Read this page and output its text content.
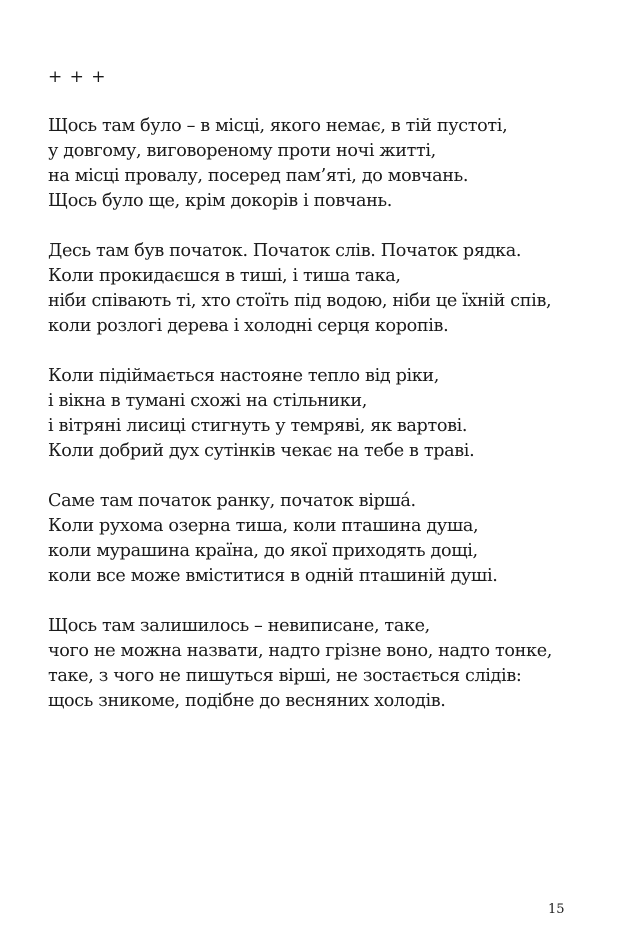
+ + +
Щось там було – в місці, якого немає, в тій пустоті,
у довгому, виговореному проти ночі житті,
на місці провалу, посеред пам’яті, до мовчань.
Щось було ще, крім докорів і повчань.
Десь там був початок. Початок слів. Початок рядка.
Коли прокидаєшся в тиші, і тиша така,
ніби співають ті, хто стоїть під водою, ніби це їхній спів,
коли розлогі дерева і холодні серця коропів.
Коли підіймається настояне тепло від ріки,
і вікна в тумані схожі на стільники,
і вітряні лисиці стигнуть у темряві, як вартові.
Коли добрий дух сутінків чекає на тебе в траві.
Саме там початок ранку, початок віршá.
Коли рухома озерна тиша, коли пташина душа,
коли мурашина країна, до якої приходять дощі,
коли все може вміститися в одній пташиній душі.
Щось там залишилось – невиписане, таке,
чого не можна назвати, надто грізне воно, надто тонке,
таке, з чого не пишуться вірші, не зостається слідів:
щось зникоме, подібне до весняних холодів.
15
